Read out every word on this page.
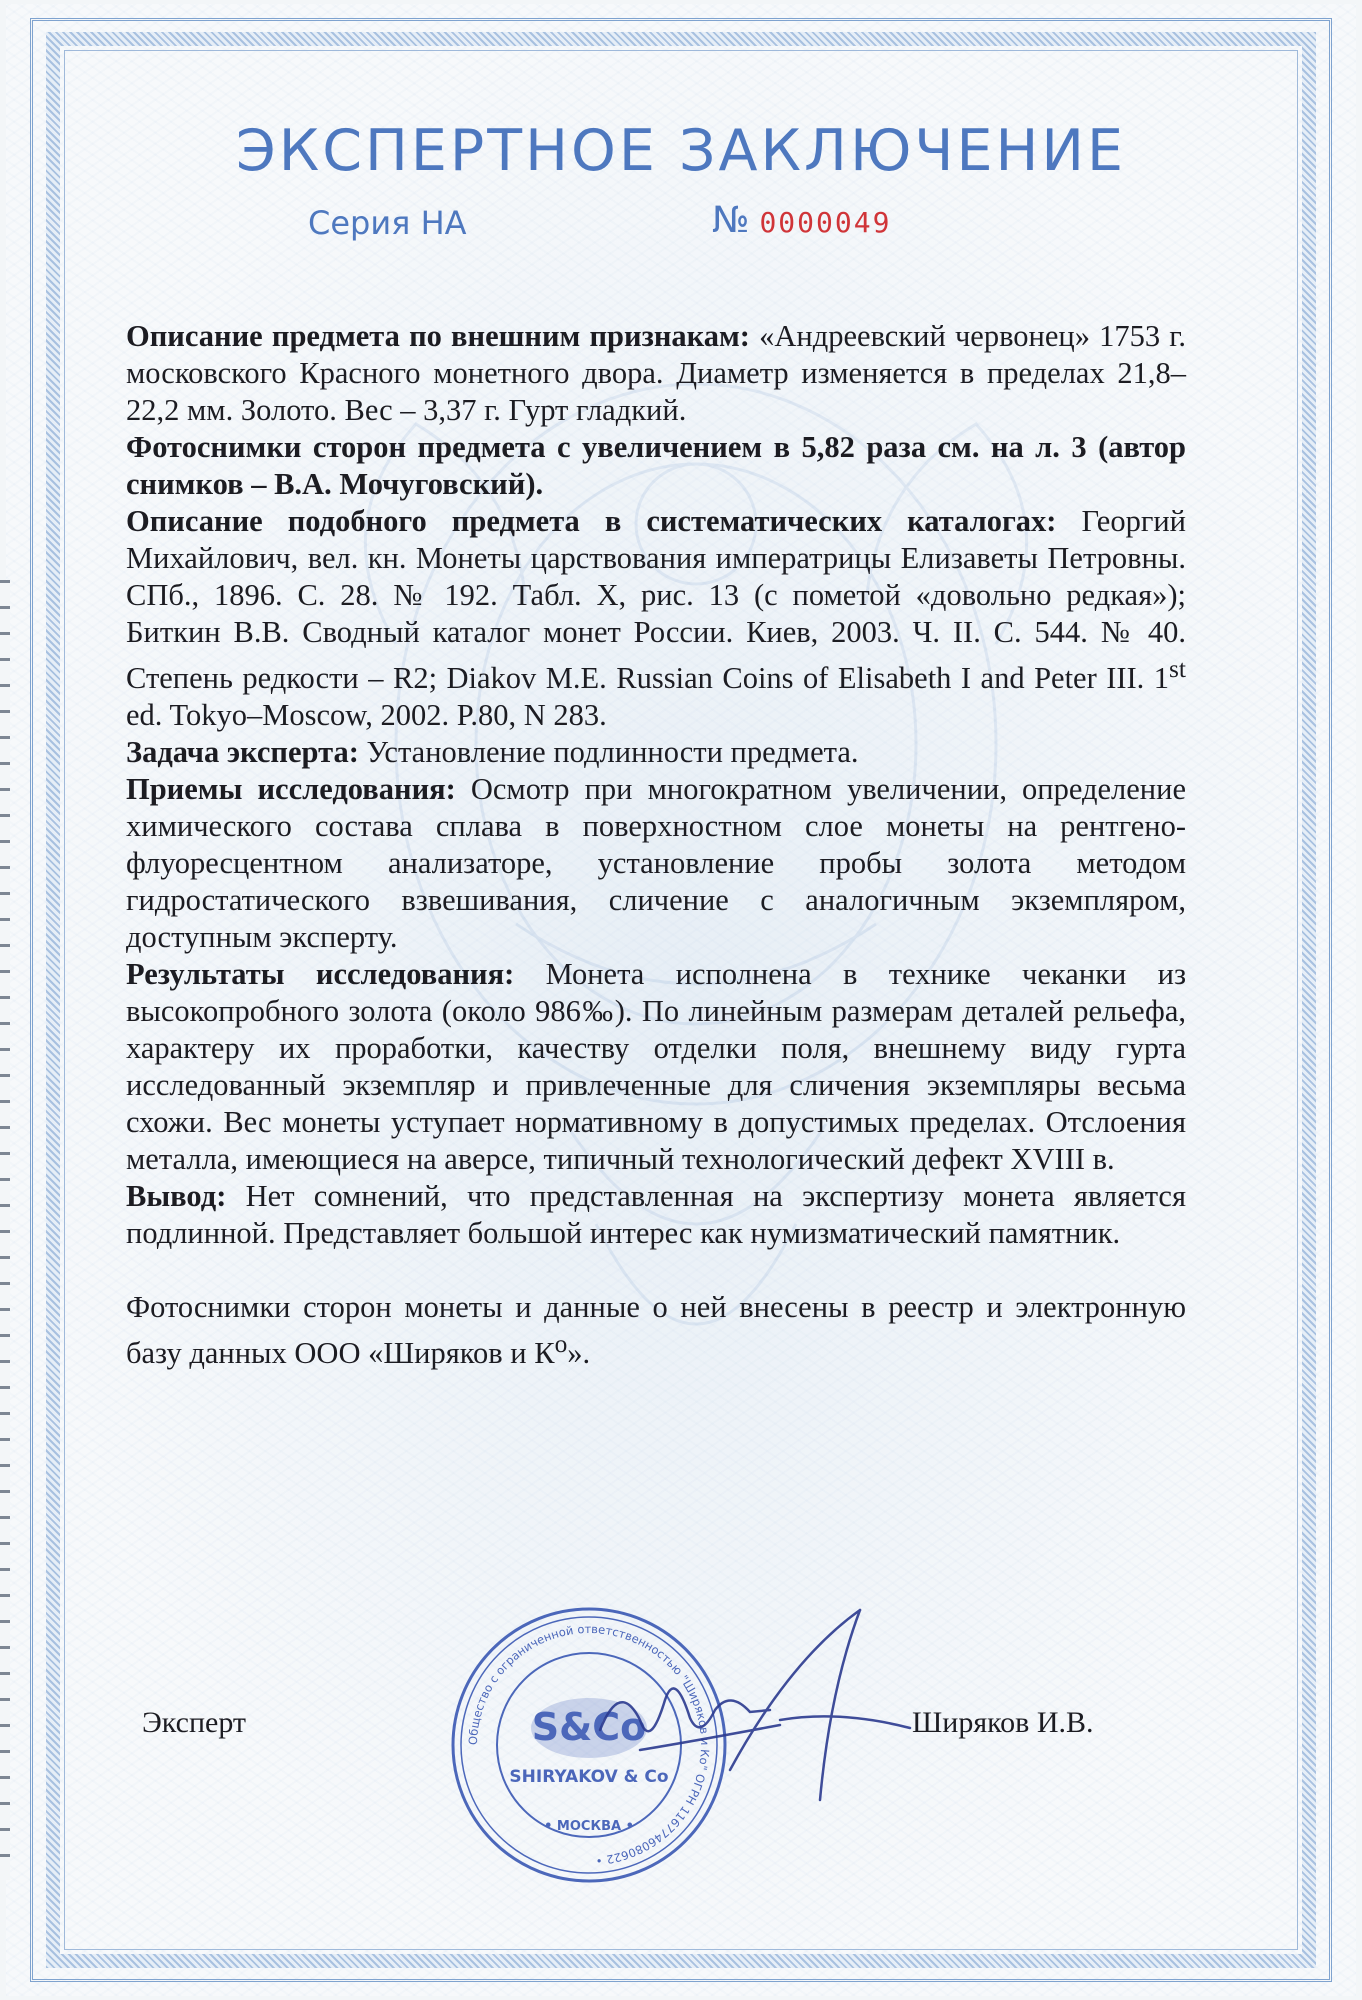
ЭКСПЕРТНОЕ ЗАКЛЮЧЕНИЕ
Серия НА	№ 0000049

Описание предмета по внешним признакам: «Андреевский червонец» 1753 г. московского Красного монетного двора. Диаметр изменяется в пределах 21,8–22,2 мм. Золото. Вес – 3,37 г. Гурт гладкий.

Фотоснимки сторон предмета с увеличением в 5,82 раза см. на л. 3 (автор снимков – В.А. Мочуговский).

Описание подобного предмета в систематических каталогах: Георгий Михайлович, вел. кн. Монеты царствования императрицы Елизаветы Петровны. СПб., 1896. С. 28. № 192. Табл. X, рис. 13 (с пометой «довольно редкая»); Биткин В.В. Сводный каталог монет России. Киев, 2003. Ч. II. С. 544. № 40. Степень редкости – R2; Diakov M.E. Russian Coins of Elisabeth I and Peter III. 1st ed. Tokyo–Moscow, 2002. P.80, N 283.

Задача эксперта: Установление подлинности предмета.

Приемы исследования: Осмотр при многократном увеличении, определение химического состава сплава в поверхностном слое монеты на рентгено-флуоресцентном анализаторе, установление пробы золота методом гидростатического взвешивания, сличение с аналогичным экземпляром, доступным эксперту.

Результаты исследования: Монета исполнена в технике чеканки из высокопробного золота (около 986‰). По линейным размерам деталей рельефа, характеру их проработки, качеству отделки поля, внешнему виду гурта исследованный экземпляр и привлеченные для сличения экземпляры весьма схожи. Вес монеты уступает нормативному в допустимых пределах. Отслоения металла, имеющиеся на аверсе, типичный технологический дефект XVIII в.

Вывод: Нет сомнений, что представленная на экспертизу монета является подлинной. Представляет большой интерес как нумизматический памятник.

Фотоснимки сторон монеты и данные о ней внесены в реестр и электронную базу данных ООО «Ширяков и $К^о$».

Эксперт
Общество с ограниченной ответственностью "Ширяков и Ко" ОГРН 1167746080622 •
• МОСКВА •
S&Co
SHIRYAKOV & Co
Ширяков И.В.
